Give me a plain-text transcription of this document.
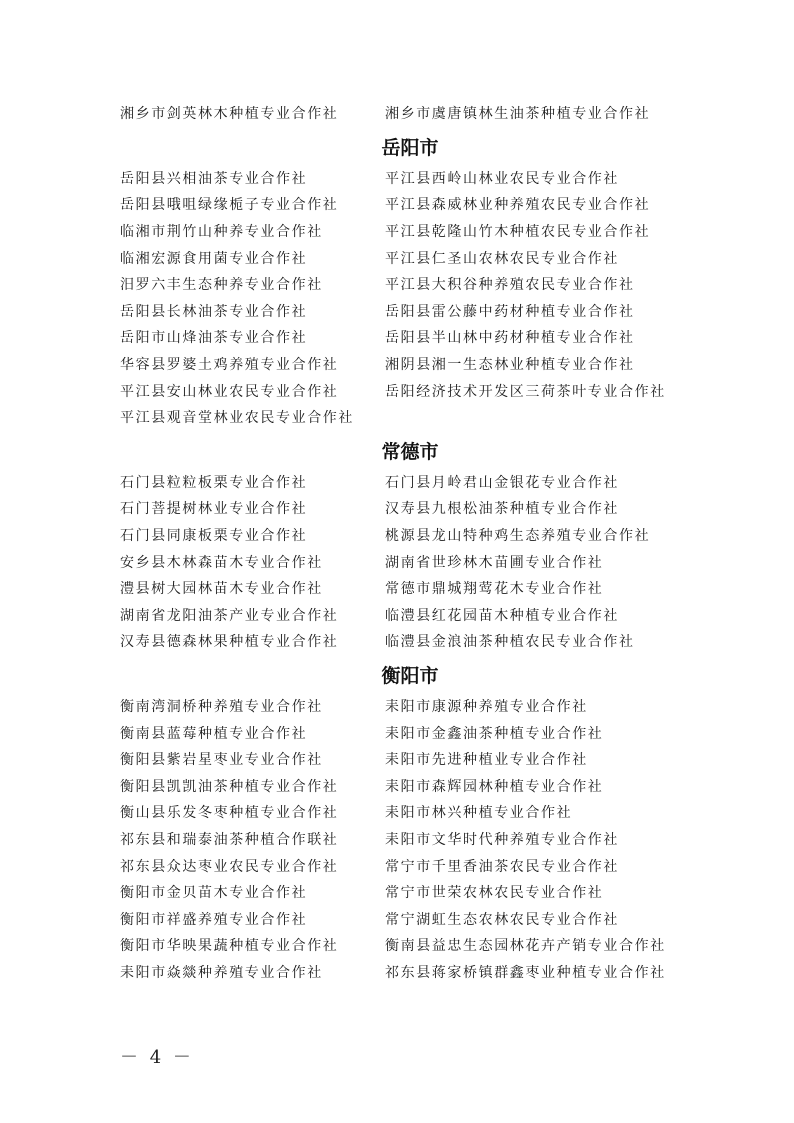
湘乡市剑英林木种植专业合作社	湘乡市虞唐镇林生油茶种植专业合作社
岳阳市
岳阳县兴相油茶专业合作社	平江县西岭山林业农民专业合作社
岳阳县哦咀绿缘栀子专业合作社	平江县森威林业种养殖农民专业合作社
临湘市荆竹山种养专业合作社	平江县乾隆山竹木种植农民专业合作社
临湘宏源食用菌专业合作社	平江县仁圣山农林农民专业合作社
汨罗六丰生态种养专业合作社	平江县大积谷种养殖农民专业合作社
岳阳县长林油茶专业合作社	岳阳县雷公藤中药材种植专业合作社
岳阳市山烽油茶专业合作社	岳阳县半山林中药材种植专业合作社
华容县罗婆土鸡养殖专业合作社	湘阴县湘一生态林业种植专业合作社
平江县安山林业农民专业合作社	岳阳经济技术开发区三荷茶叶专业合作社
平江县观音堂林业农民专业合作社
常德市
石门县粒粒板栗专业合作社	石门县月岭君山金银花专业合作社
石门菩提树林业专业合作社	汉寿县九根松油茶种植专业合作社
石门县同康板栗专业合作社	桃源县龙山特种鸡生态养殖专业合作社
安乡县木林森苗木专业合作社	湖南省世珍林木苗圃专业合作社
澧县树大园林苗木专业合作社	常德市鼎城翔莺花木专业合作社
湖南省龙阳油茶产业专业合作社	临澧县红花园苗木种植专业合作社
汉寿县德森林果种植专业合作社	临澧县金浪油茶种植农民专业合作社
衡阳市
衡南湾洞桥种养殖专业合作社	耒阳市康源种养殖专业合作社
衡南县蓝莓种植专业合作社	耒阳市金鑫油茶种植专业合作社
衡阳县紫岩星枣业专业合作社	耒阳市先进种植业专业合作社
衡阳县凯凯油茶种植专业合作社	耒阳市森辉园林种植专业合作社
衡山县乐发冬枣种植专业合作社	耒阳市林兴种植专业合作社
祁东县和瑞泰油茶种植合作联社	耒阳市文华时代种养殖专业合作社
祁东县众达枣业农民专业合作社	常宁市千里香油茶农民专业合作社
衡阳市金贝苗木专业合作社	常宁市世荣农林农民专业合作社
衡阳市祥盛养殖专业合作社	常宁湖虹生态农林农民专业合作社
衡阳市华映果蔬种植专业合作社	衡南县益忠生态园林花卉产销专业合作社
耒阳市焱燚种养殖专业合作社	祁东县蒋家桥镇群鑫枣业种植专业合作社
－ 4 －
